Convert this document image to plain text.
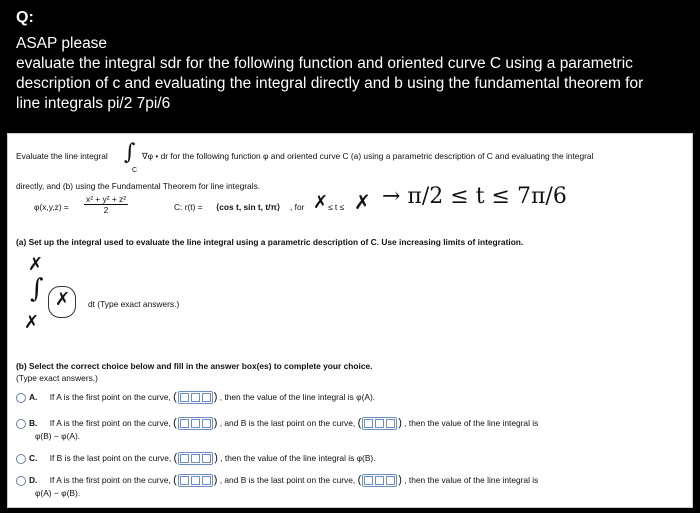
Q:
ASAP please
evaluate the integral sdr for the following function and oriented curve C using a parametric
description of c and evaluating the integral directly and b using the fundamental theorem for
line integrals pi/2 7pi/6
Evaluate the line integral ∫
C
∇φ • dr for the following function φ and oriented curve C (a) using a parametric description of C and evaluating the integral
directly, and (b) using the Fundamental Theorem for line integrals.
$\varphi(x,y,z) = \frac{\text{x² + y² + z²}}{2}$	C: r(t) = ⟨cos t, sin t, t/π⟩ , for ✗ ≤ t ≤ ✗ → π/2 ≤ t ≤ 7π/6
(a) Set up the integral used to evaluate the line integral using a parametric description of C. Use increasing limits of integration.
✗
∫
✗
✗ dt (Type exact answers.)
(b) Select the correct choice below and fill in the answer box(es) to complete your choice.
(Type exact answers.)
A. If A is the first point on the curve, (	) , then the value of the line integral is φ(A).
B. If A is the first point on the curve, (	) , and B is the last point on the curve, (	) , then the value of the line integral is
φ(B) − φ(A).
C. If B is the last point on the curve, (	) , then the value of the line integral is φ(B).
D. If A is the first point on the curve, (	) , and B is the last point on the curve, (	) , then the value of the line integral is
φ(A) − φ(B).
